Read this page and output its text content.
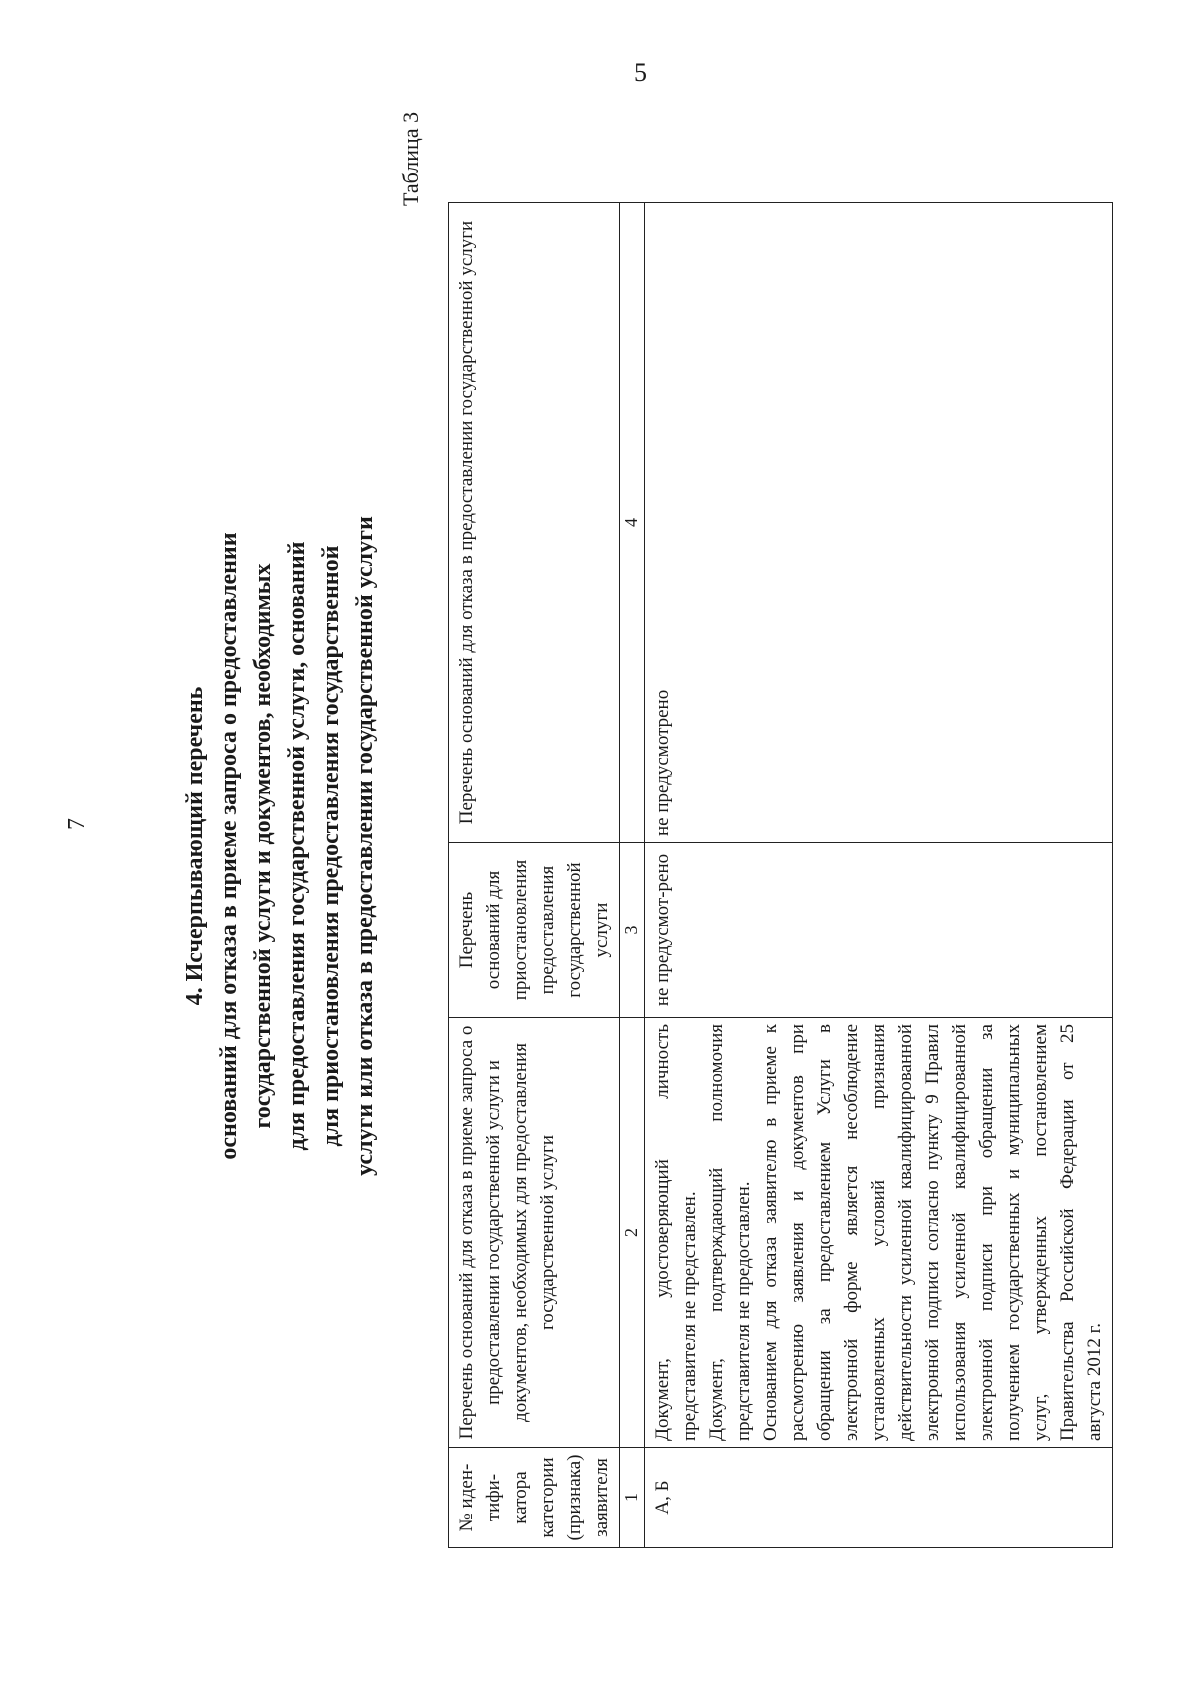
5
7	4. Исчерпывающий перечень оснований для отказа в приеме запроса о предоставлении государственной услуги и документов, необходимых для предоставления государственной услуги, оснований для приостановления предоставления государственной услуги или отказа в предоставлении государственной услуги
Таблица 3
№ иден-тифи-катора категории (признака) заявителя	Перечень оснований для отказа в приеме запроса о предоставлении государственной услуги и документов, необходимых для предоставления государственной услуги	Перечень оснований для приостановления предоставления государственной услуги	Перечень оснований для отказа в предоставлении государственной услуги
1	2	3	4
А, Б	Документ, удостоверяющий личность представителя не представлен. Документ, подтверждающий полномочия представителя не предоставлен. Основанием для отказа заявителю в приеме к рассмотрению заявления и документов при обращении за предоставлением Услуги в электронной форме является несоблюдение установленных условий признания действительности усиленной квалифицированной электронной подписи согласно пункту 9 Правил использования усиленной квалифицированной электронной подписи при обращении за получением государственных и муниципальных услуг, утвержденных постановлением Правительства Российской Федерации от 25 августа 2012 г.	не предусмот-рено	не предусмотрено
